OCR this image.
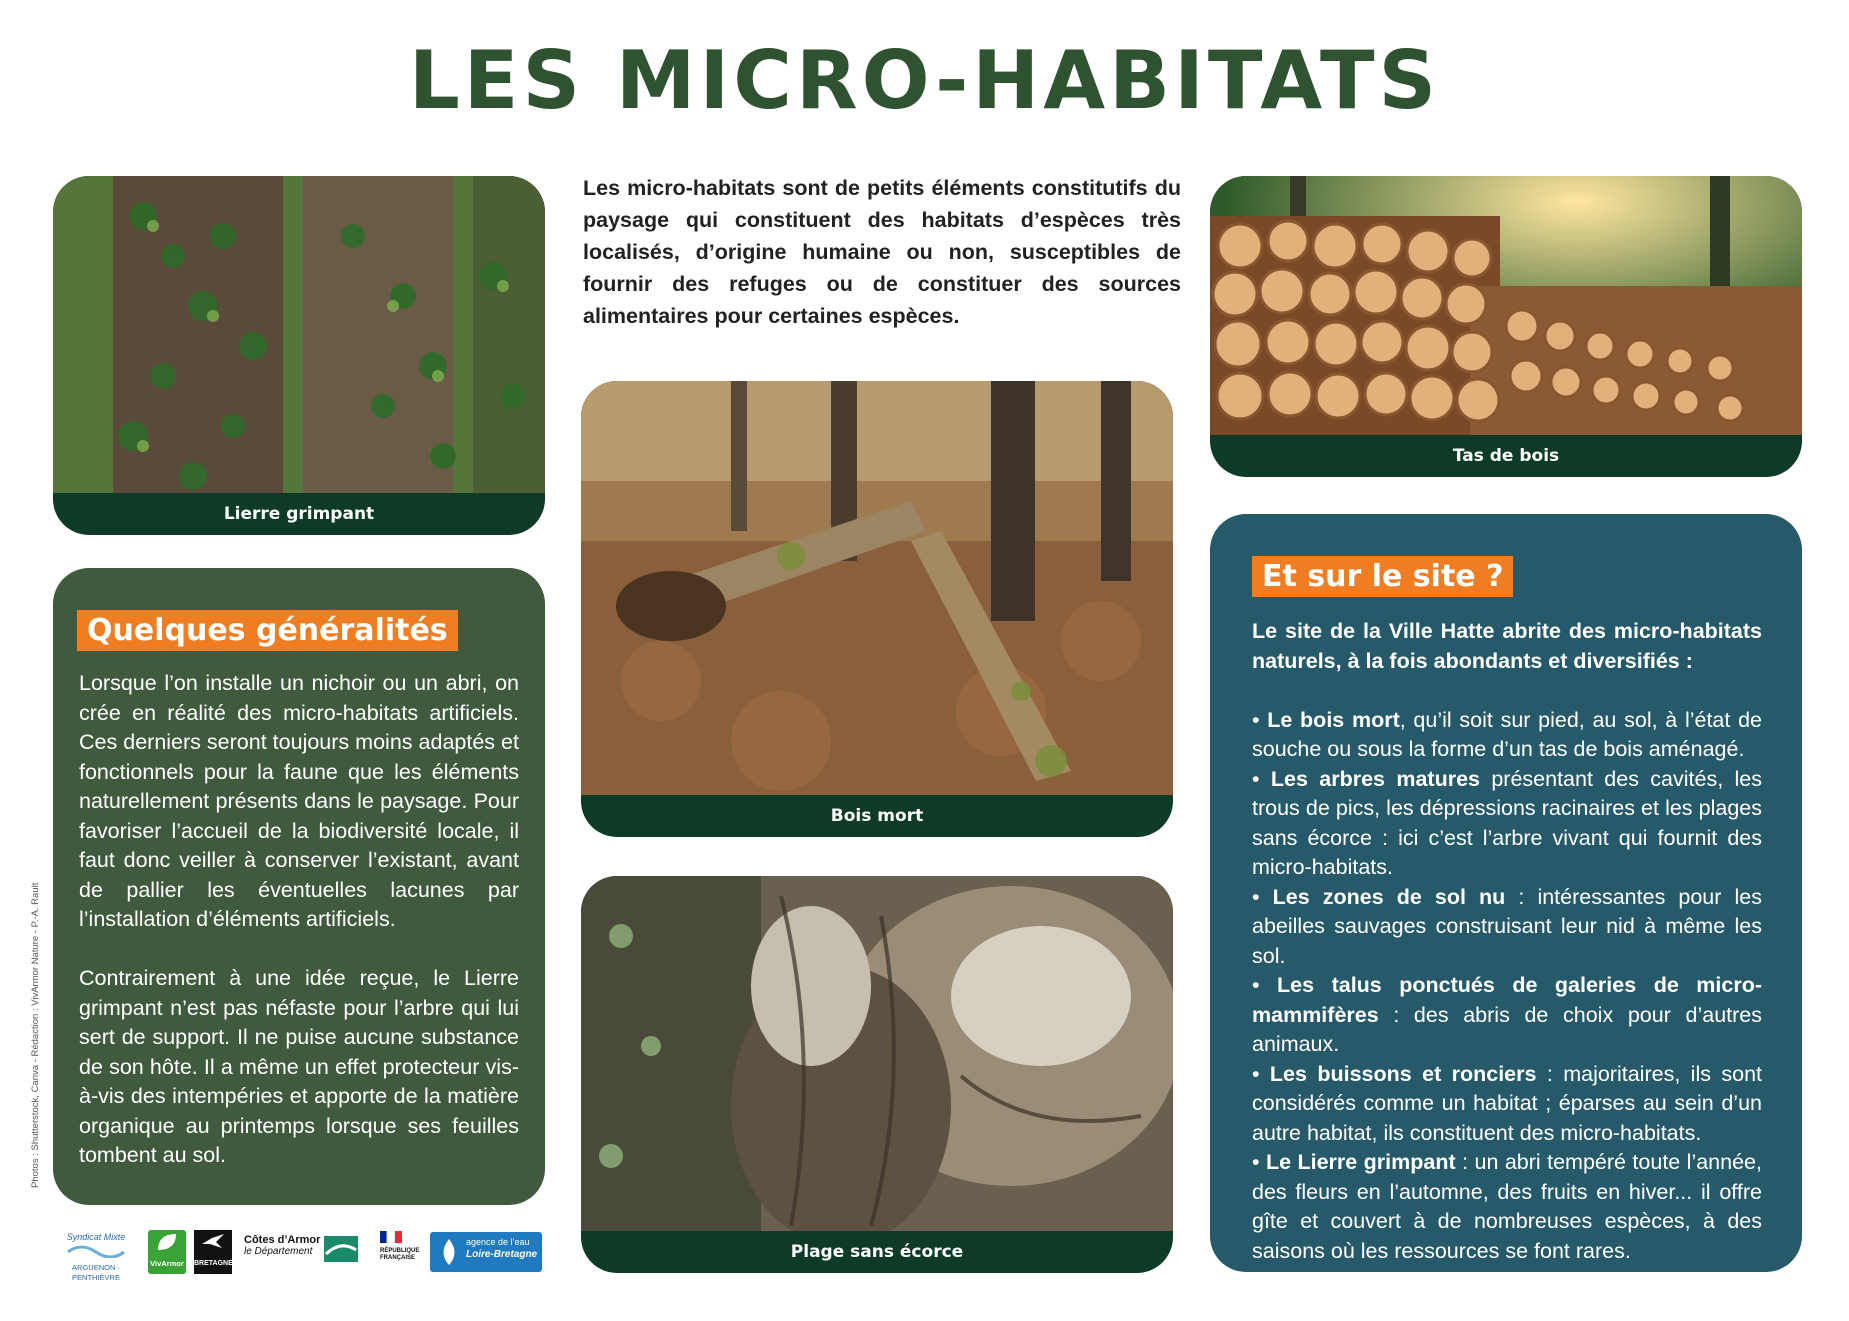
LES MICRO-HABITATS
Lierre grimpant
Quelques généralités

Lorsque l’on installe un nichoir ou un abri, on crée en réalité des micro-habitats artificiels. Ces derniers seront toujours moins adaptés et fonctionnels pour la faune que les éléments naturellement présents dans le paysage. Pour favoriser l’accueil de la biodiversité locale, il faut donc veiller à conserver l’existant, avant de pallier les éventuelles lacunes par l’installation d’éléments artificiels.

Contrairement à une idée reçue, le Lierre grimpant n’est pas néfaste pour l’arbre qui lui sert de support. Il ne puise aucune substance de son hôte. Il a même un effet protecteur vis-à-vis des intempéries et apporte de la matière organique au printemps lorsque ses feuilles tombent au sol.

Les micro-habitats sont de petits éléments constitutifs du paysage qui constituent des habitats d’espèces très localisés, d’origine humaine ou non, susceptibles de fournir des refuges ou de constituer des sources alimentaires pour certaines espèces.
Bois mort
Plage sans écorce
Tas de bois
Et sur le site ?

Le site de la Ville Hatte abrite des micro-habitats naturels, à la fois abondants et diversifiés :

• Le bois mort, qu’il soit sur pied, au sol, à l’état de souche ou sous la forme d’un tas de bois aménagé.

• Les arbres matures présentant des cavités, les trous de pics, les dépressions racinaires et les plages sans écorce : ici c’est l’arbre vivant qui fournit des micro-habitats.

• Les zones de sol nu : intéressantes pour les abeilles sauvages construisant leur nid à même les sol.

• Les talus ponctués de galeries de micro-mammifères : des abris de choix pour d’autres animaux.

• Les buissons et ronciers : majoritaires, ils sont considérés comme un habitat ; éparses au sein d’un autre habitat, ils constituent des micro-habitats.

• Le Lierre grimpant : un abri tempéré toute l’année, des fleurs en l’automne, des fruits en hiver... il offre gîte et couvert à de nombreuses espèces, à des saisons où les ressources se font rares.

Photos : Shutterstock, Canva - Rédaction : VivArmor Nature - P.-A. Rault
Syndicat Mixte
ARGUENON · PENTHIÈVRE
VivArmor	BRETAGNE
Côtes d’Armor
le Département	RÉPUBLIQUE FRANÇAISE
agence de l’eau
Loire-Bretagne
